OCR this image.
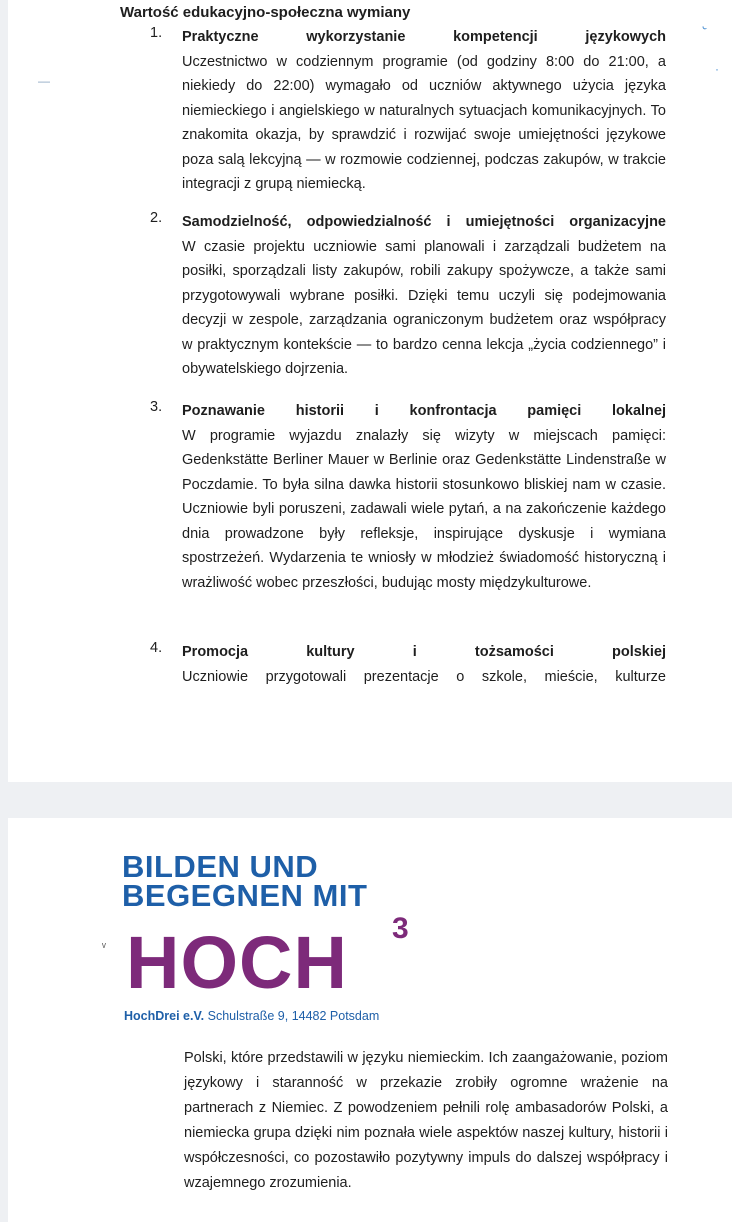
Wartość edukacyjno-społeczna wymiany
1. Praktyczne wykorzystanie kompetencji językowych

Uczestnictwo w codziennym programie (od godziny 8:00 do 21:00, a niekiedy do 22:00) wymagało od uczniów aktywnego użycia języka niemieckiego i angielskiego w naturalnych sytuacjach komunikacyjnych. To znakomita okazja, by sprawdzić i rozwijać swoje umiejętności językowe poza salą lekcyjną — w rozmowie codziennej, podczas zakupów, w trakcie integracji z grupą niemiecką.

2. Samodzielność, odpowiedzialność i umiejętności organizacyjne

W czasie projektu uczniowie sami planowali i zarządzali budżetem na posiłki, sporządzali listy zakupów, robili zakupy spożywcze, a także sami przygotowywali wybrane posiłki. Dzięki temu uczyli się podejmowania decyzji w zespole, zarządzania ograniczonym budżetem oraz współpracy w praktycznym kontekście — to bardzo cenna lekcja „życia codziennego” i obywatelskiego dojrzenia.

3. Poznawanie historii i konfrontacja pamięci lokalnej

W programie wyjazdu znalazły się wizyty w miejscach pamięci: Gedenkstätte Berliner Mauer w Berlinie oraz Gedenkstätte Lindenstraße w Poczdamie. To była silna dawka historii stosunkowo bliskiej nam w czasie. Uczniowie byli poruszeni, zadawali wiele pytań, a na zakończenie każdego dnia prowadzone były refleksje, inspirujące dyskusje i wymiana spostrzeżeń. Wydarzenia te wniosły w młodzież świadomość historyczną i wrażliwość wobec przeszłości, budując mosty międzykulturowe.

4. Promocja kultury i tożsamości polskiej

Uczniowie przygotowali prezentacje o szkole, mieście, kulturze

˘
·
—
BILDEN UND
BEGEGNEN MIT
HOCH 3
ᵥ

HochDrei e.V. Schulstraße 9, 14482 Potsdam

Polski, które przedstawili w języku niemieckim. Ich zaangażowanie, poziom językowy i staranność w przekazie zrobiły ogromne wrażenie na partnerach z Niemiec. Z powodzeniem pełnili rolę ambasadorów Polski, a niemiecka grupa dzięki nim poznała wiele aspektów naszej kultury, historii i współczesności, co pozostawiło pozytywny impuls do dalszej współpracy i wzajemnego zrozumienia.
